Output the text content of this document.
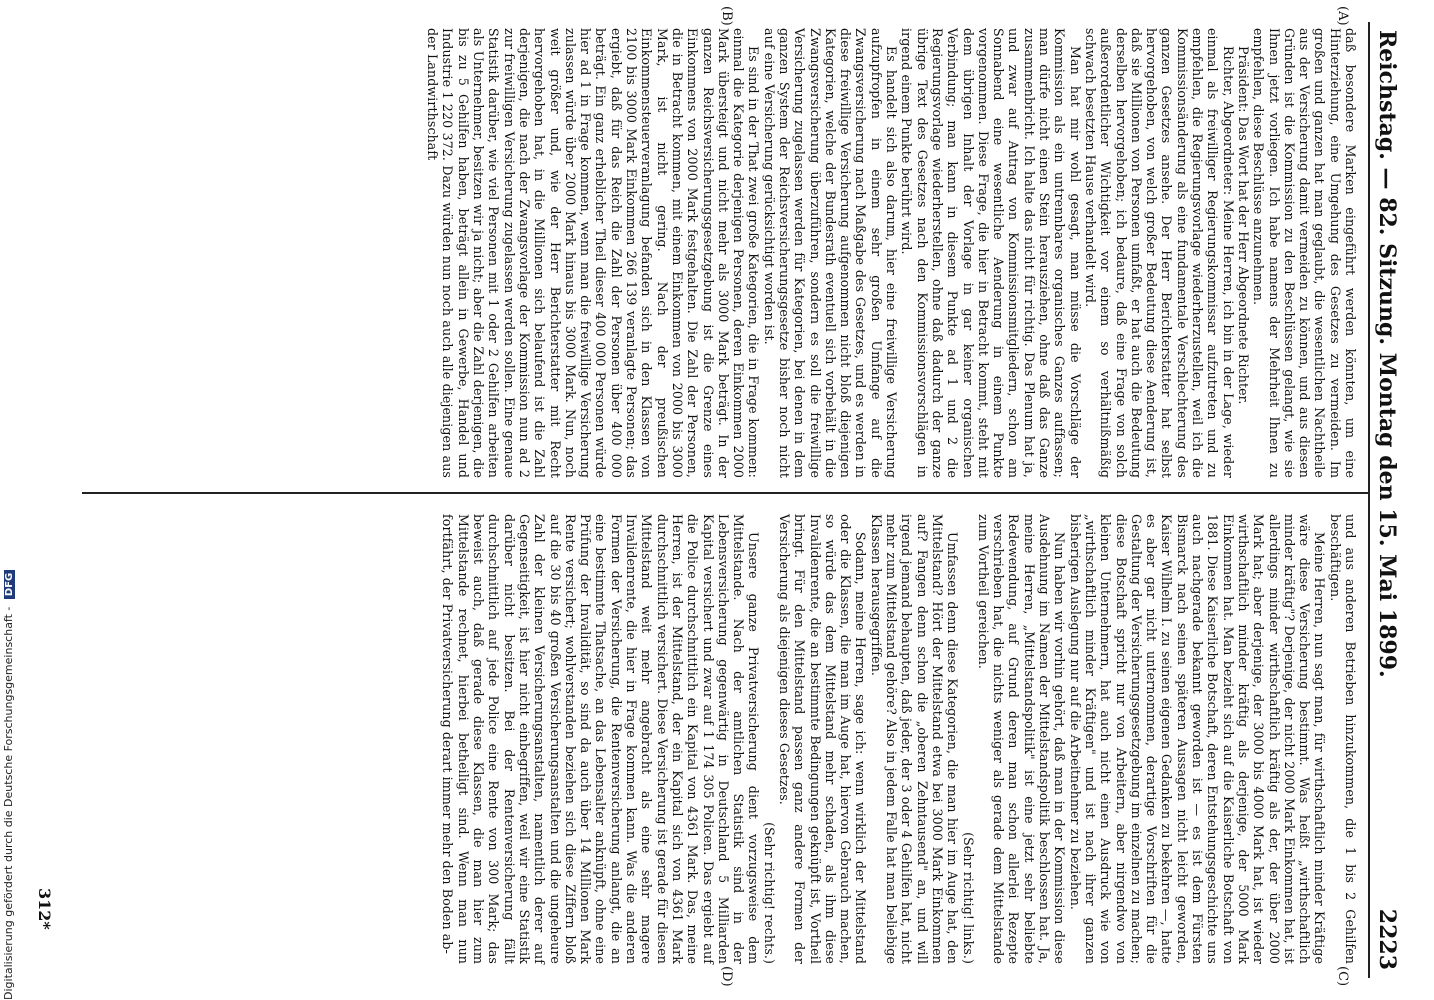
Reichstag. — 82. Sitzung. Montag den 15. Mai 1899.
2223
(A)
(B)
(C)
(D)

daß besondere Marken eingeführt werden könnten, um eine Hinterziehung, eine Umgehung des Gesetzes zu vermeiden. Im großen und ganzen hat man geglaubt, die wesentlichen Nachtheile aus der Versicherung damit vermeiden zu können, und aus diesen Gründen ist die Kommission zu den Beschlüssen gelangt, wie sie Ihnen jetzt vorliegen. Ich habe namens der Mehrheit Ihnen zu empfehlen, diese Beschlüsse anzunehmen.

Präsident: Das Wort hat der Herr Abgeordnete Richter.

Richter, Abgeordneter: Meine Herren, ich bin in der Lage, wieder einmal als freiwilliger Regierungskommissar aufzutreten und zu empfehlen, die Regierungsvorlage wiederherzustellen, weil ich die Kommissionsänderung als eine fundamentale Verschlechterung des ganzen Gesetzes ansehe. Der Herr Berichterstatter hat selbst hervorgehoben, von welch großer Bedeutung diese Aenderung ist, daß sie Millionen von Personen umfaßt, er hat auch die Bedeutung derselben hervorgehoben; ich bedaure, daß eine Frage von solch außerordentlicher Wichtigkeit vor einem so verhältnißmäßig schwach besetzten Hause verhandelt wird.

Man hat mir wohl gesagt, man müsse die Vorschläge der Kommission als ein untrennbares organisches Ganzes auffassen; man dürfe nicht einen Stein herausziehen, ohne daß das Ganze zusammenbricht. Ich halte das nicht für richtig. Das Plenum hat ja, und zwar auf Antrag von Kommissionsmitgliedern, schon am Sonnabend eine wesentliche Aenderung in einem Punkte vorgenommen. Diese Frage, die hier in Betracht kommt, steht mit dem übrigen Inhalt der Vorlage in gar keiner organischen Verbindung; man kann in diesem Punkte ad 1 und 2 die Regierungsvorlage wiederherstellen, ohne daß dadurch der ganze übrige Text des Gesetzes nach den Kommissionsvorschlägen in irgend einem Punkte berührt wird.

Es handelt sich also darum, hier eine freiwillige Versicherung aufzupfropfen in einem sehr großen Umfange auf die Zwangsversicherung nach Maßgabe des Gesetzes, und es werden in diese freiwillige Versicherung aufgenommen nicht bloß diejenigen Kategorien, welche der Bundesrath eventuell sich vorbehält in die Zwangsversicherung überzuführen, sondern es soll die freiwillige Versicherung zugelassen werden für Kategorien, bei denen in dem ganzen System der Reichsversicherungsgesetze bisher noch nicht auf eine Versicherung gerücksichtigt worden ist.

Es sind in der That zwei große Kategorien, die in Frage kommen: einmal die Kategorie derjenigen Personen, deren Einkommen 2000 Mark übersteigt und nicht mehr als 3000 Mark beträgt. In der ganzen Reichsversicherungsgesetzgebung ist die Grenze eines Einkommens von 2000 Mark festgehalten. Die Zahl der Personen, die in Betracht kommen, mit einem Einkommen von 2000 bis 3000 Mark, ist nicht gering. Nach der preußischen Einkommensteuerveranlagung befanden sich in den Klassen von 2100 bis 3000 Mark Einkommen 266 139 veranlagte Personen; das ergiebt, daß für das Reich die Zahl der Personen über 400 000 beträgt. Ein ganz erheblicher Theil dieser 400 000 Personen würde hier ad 1 in Frage kommen, wenn man die freiwillige Versicherung zulassen würde über 2000 Mark hinaus bis 3000 Mark. Nun, noch weit größer und, wie der Herr Berichterstatter mit Recht hervorgehoben hat, in die Millionen sich belaufend ist die Zahl derjenigen, die nach der Zwangsvorlage der Kommission nun ad 2 zur freiwilligen Versicherung zugelassen werden sollen. Eine genaue Statistik darüber, wie viel Personen mit 1 oder 2 Gehilfen arbeiten als Unternehmer, besitzen wir ja nicht; aber die Zahl derjenigen, die bis zu 5 Gehilfen haben, beträgt allein in Gewerbe, Handel und Industrie 1 220 372. Dazu würden nun noch auch alle diejenigen aus der Landwirthschaft

und aus anderen Betrieben hinzukommen, die 1 bis 2 Gehilfen beschäftigen.

Meine Herren, nun sagt man, für wirthschaftlich minder Kräftige wäre diese Versicherung bestimmt. Was heißt „wirthschaftlich minder kräftig"? Derjenige, der nicht 2000 Mark Einkommen hat, ist allerdings minder wirthschaftlich kräftig als der, der über 2000 Mark hat; aber derjenige, der 3000 bis 4000 Mark hat, ist wieder wirthschaftlich minder kräftig als derjenige, der 5000 Mark Einkommen hat. Man bezieht sich auf die Kaiserliche Botschaft von 1881. Diese Kaiserliche Botschaft, deren Entstehungsgeschichte uns auch nachgerade bekannt geworden ist — es ist dem Fürsten Bismarck nach seinen späteren Aussagen nicht leicht geworden, Kaiser Wilhelm I. zu seinen eigenen Gedanken zu bekehren —, hatte es aber gar nicht unternommen, derartige Vorschriften für die Gestaltung der Versicherungsgesetzgebung im einzelnen zu machen; diese Botschaft spricht nur von Arbeitern, aber nirgendwo von kleinen Unternehmern, hat auch nicht einen Ausdruck wie von „wirthschaftlich minder Kräftigen" und ist nach ihrer ganzen bisherigen Auslegung nur auf die Arbeitnehmer zu beziehen.

Nun haben wir vorhin gehört, daß man in der Kommission diese Ausdehnung im Namen der Mittelstandspolitik beschlossen hat. Ja, meine Herren, „Mittelstandspolitik" ist eine jetzt sehr beliebte Redewendung, auf Grund deren man schon allerlei Rezepte verschrieben hat, die nichts weniger als gerade dem Mittelstande zum Vortheil gereichen.

(Sehr richtig! links.)

Umfassen denn diese Kategorien, die man hier im Auge hat, den Mittelstand? Hört der Mittelstand etwa bei 3000 Mark Einkommen auf? Fangen denn schon die „oberen Zehntausend" an, und will irgend jemand behaupten, daß jeder, der 3 oder 4 Gehilfen hat, nicht mehr zum Mittelstand gehöre? Also in jedem Falle hat man beliebige Klassen herausgegriffen.

Sodann, meine Herren, sage ich: wenn wirklich der Mittelstand oder die Klassen, die man im Auge hat, hiervon Gebrauch machen, so würde das dem Mittelstand mehr schaden, als ihm diese Invalidenrente, die an bestimmte Bedingungen geknüpft ist, Vortheil bringt. Für den Mittelstand passen ganz andere Formen der Versicherung als diejenigen dieses Gesetzes.

(Sehr richtig! rechts.)

Unsere ganze Privatversicherung dient vorzugsweise dem Mittelstande. Nach der amtlichen Statistik sind in der Lebensversicherung gegenwärtig in Deutschland 5 Milliarden Kapital versichert und zwar auf 1 174 305 Policen. Das ergiebt auf die Police durchschnittlich ein Kapital von 4361 Mark. Das, meine Herren, ist der Mittelstand, der ein Kapital sich von 4361 Mark durchschnittlich versichert. Diese Versicherung ist gerade für diesen Mittelstand weit mehr angebracht als eine sehr magere Invalidenrente, die hier in Frage kommen kann. Was die anderen Formen der Versicherung, die Rentenversicherung anlangt, die an eine bestimmte Thatsache, an das Lebensalter anknüpft, ohne eine Prüfung der Invalidität, so sind da auch über 14 Millionen Mark Rente versichert; wohlverstanden beziehen sich diese Ziffern bloß auf die 30 bis 40 großen Versicherungsanstalten und die ungeheure Zahl der kleinen Versicherungsanstalten, namentlich derer auf Gegenseitigkeit, ist hier nicht einbegriffen, weil wir eine Statistik darüber nicht besitzen. Bei der Rentenversicherung fällt durchschnittlich auf jede Police eine Rente von 300 Mark; das beweist auch, daß gerade diese Klassen, die man hier zum Mittelstande rechnet, hierbei betheiligt sind. Wenn man nun fortfährt, der Privatversicherung derart immer mehr den Boden ab-

312*
Digitalisierung gefördert durch die Deutsche Forschungsgemeinschaft - DFG
